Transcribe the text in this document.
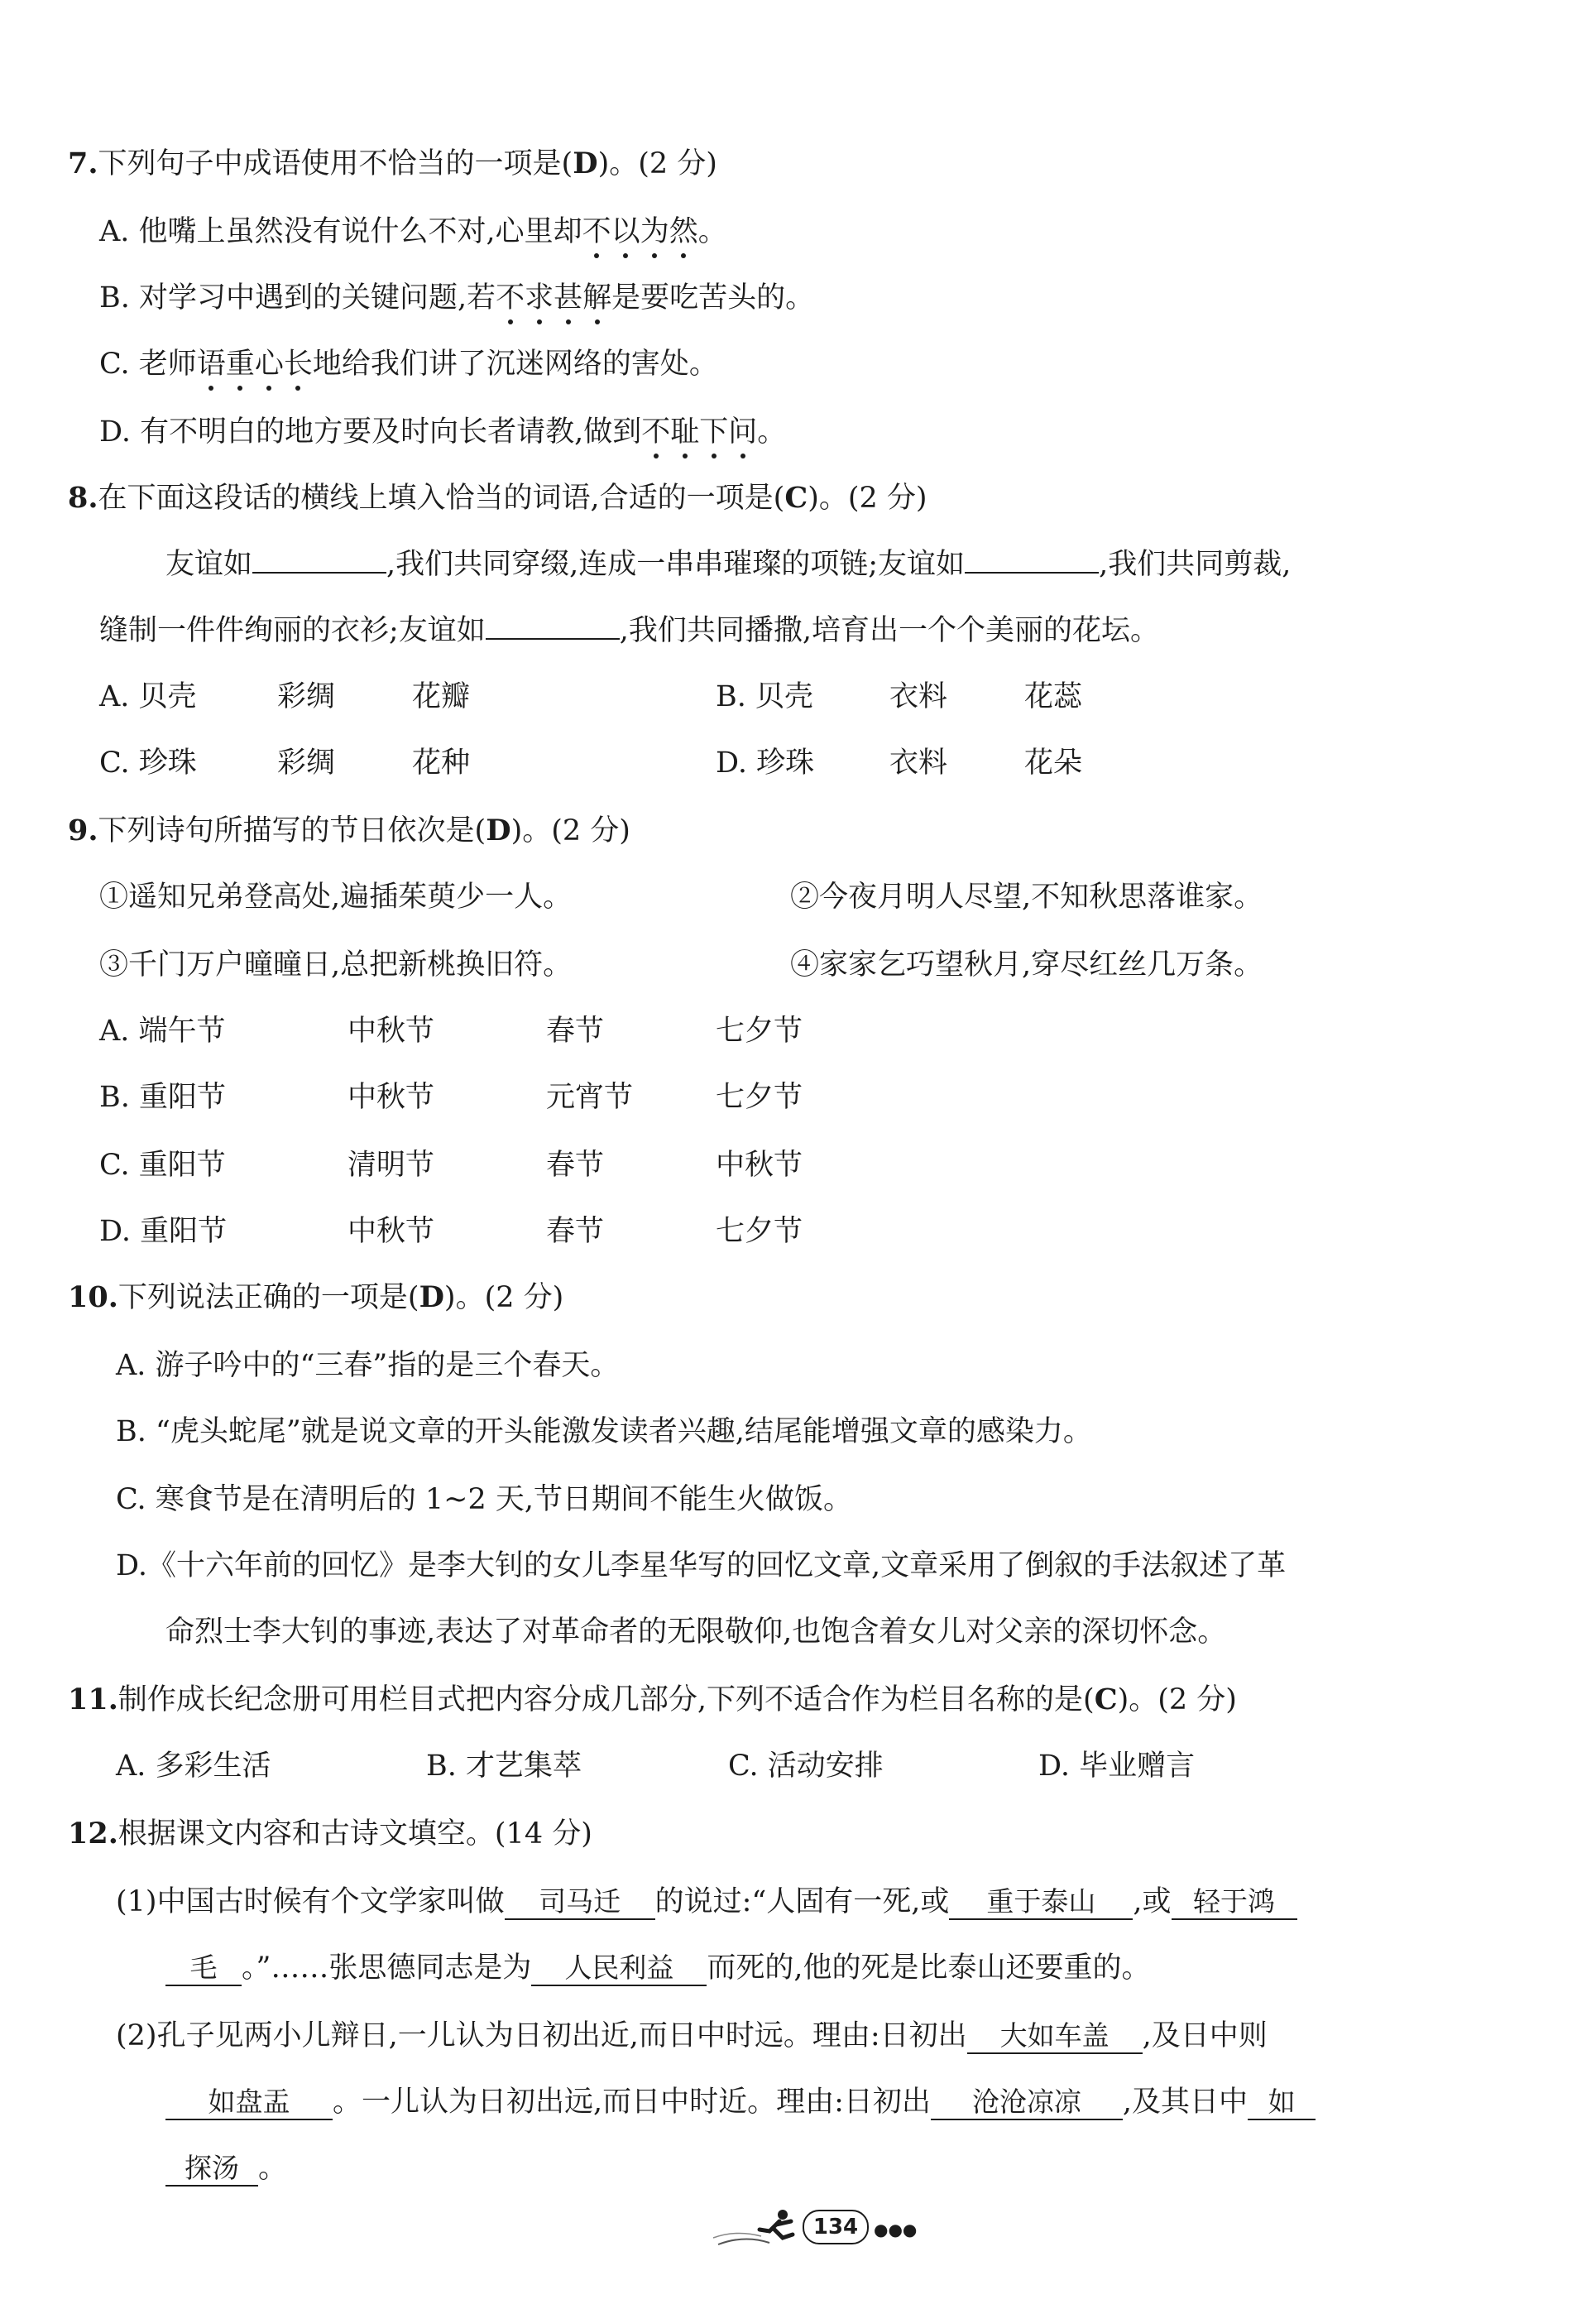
7.下列句子中成语使用不恰当的一项是(D)。(2 分)
A. 他嘴上虽然没有说什么不对,心里却不
以
为
然
。
B. 对学习中遇到的关键问题,若不
求
甚
解
是要吃苦头的。
C. 老师语
重
心
长
地给我们讲了沉迷网络的害处。
D. 有不明白的地方要及时向长者请教,做到不
耻
下
问
。
8.在下面这段话的横线上填入恰当的词语,合适的一项是(C)。(2 分)
友谊如	,我们共同穿缀,连成一串串璀璨的项链;友谊如	,我们共同剪裁,
缝制一件件绚丽的衣衫;友谊如	,我们共同播撒,培育出一个个美丽的花坛。
A. 贝壳	彩绸	花瓣	B. 贝壳	衣料	花蕊
C. 珍珠	彩绸	花种	D. 珍珠	衣料	花朵
9.下列诗句所描写的节日依次是(D)。(2 分)
①遥知兄弟登高处,遍插茱萸少一人。	②今夜月明人尽望,不知秋思落谁家。
③千门万户曈曈日,总把新桃换旧符。	④家家乞巧望秋月,穿尽红丝几万条。
A. 端午节	中秋节	春节	七夕节
B. 重阳节	中秋节	元宵节	七夕节
C. 重阳节	清明节	春节	中秋节
D. 重阳节	中秋节	春节	七夕节
10.下列说法正确的一项是(D)。(2 分)
A. 游子吟中的“三春”指的是三个春天。
B. “虎头蛇尾”就是说文章的开头能激发读者兴趣,结尾能增强文章的感染力。
C. 寒食节是在清明后的 1~2 天,节日期间不能生火做饭。
D.《十六年前的回忆》是李大钊的女儿李星华写的回忆文章,文章采用了倒叙的手法叙述了革
命烈士李大钊的事迹,表达了对革命者的无限敬仰,也饱含着女儿对父亲的深切怀念。
11.制作成长纪念册可用栏目式把内容分成几部分,下列不适合作为栏目名称的是(C)。(2 分)
A. 多彩生活	B. 才艺集萃	C. 活动安排	D. 毕业赠言
12.根据课文内容和古诗文填空。(14 分)
(1)中国古时候有个文学家叫做 司马迁 的说过:“人固有一死,或 重于泰山 ,或 轻于鸿
毛 。”……张思德同志是为 人民利益 而死的,他的死是比泰山还要重的。
(2)孔子见两小儿辩日,一儿认为日初出近,而日中时远。理由:日初出 大如车盖 ,及日中则
如盘盂 。一儿认为日初出远,而日中时近。理由:日初出 沧沧凉凉 ,及其日中 如
探汤 。
134 ●●●
